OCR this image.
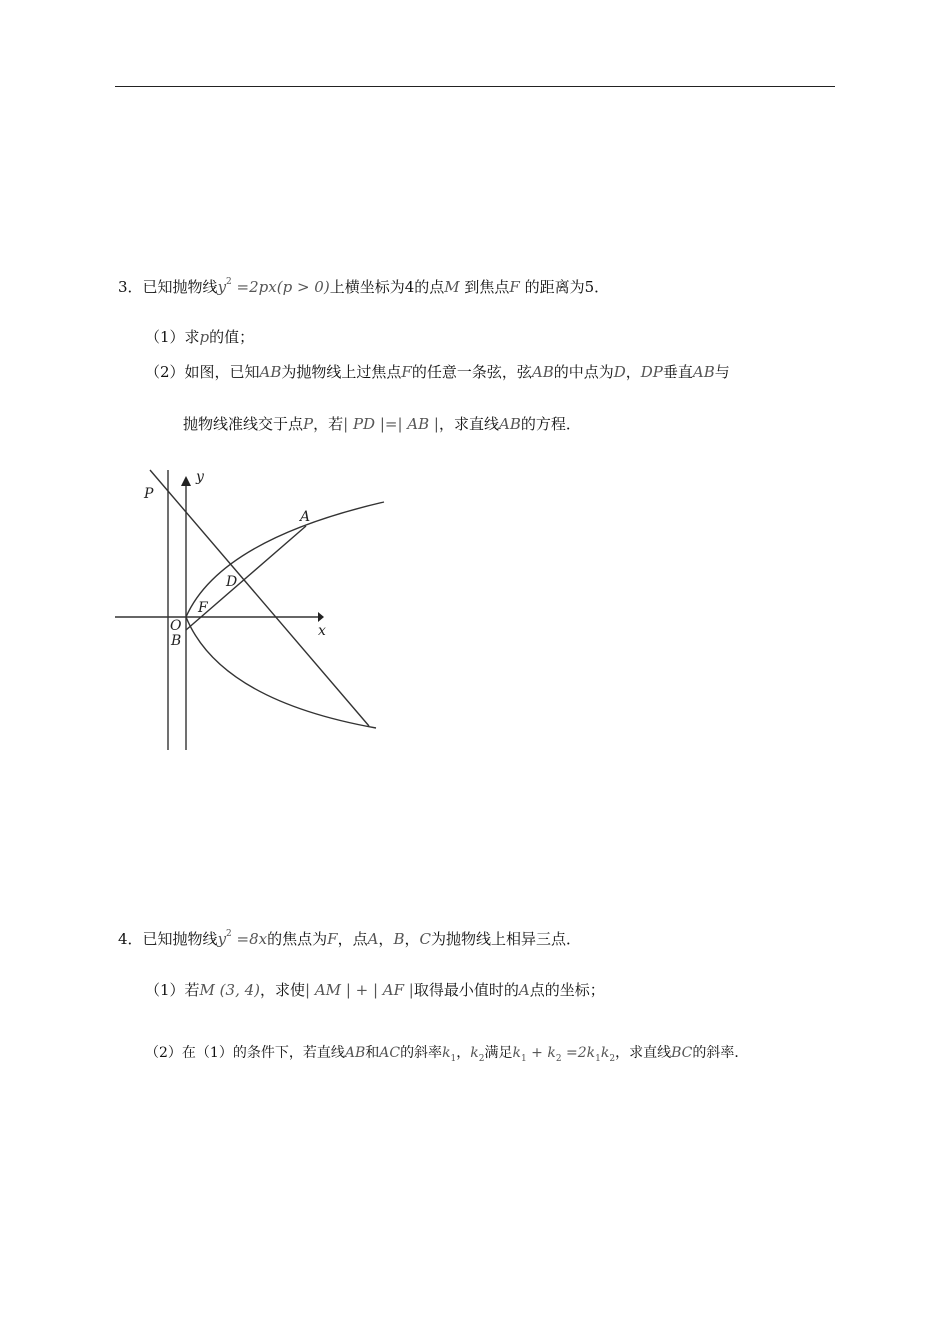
3．已知抛物线$y^2 =2px(p > 0)$上横坐标为4的点M 到焦点F 的距离为5．
（1）求p的值；
（2）如图，已知AB为抛物线上过焦点F的任意一条弦，弦AB的中点为D，DP垂直AB与
抛物线准线交于点P，若| PD |=| AB |，求直线AB的方程．
y
x
P
A
D
F
O
B
4．已知抛物线$y^2 =8x$的焦点为F，点A，B，C为抛物线上相异三点．
（1）若M (3, 4)，求使| AM | + | AF |取得最小值时的A点的坐标；
（2）在（1）的条件下，若直线AB和AC的斜率$k_1$，$k_2$满足$k_1 + k_2 =2k_1k_2$，求直线BC的斜率．
